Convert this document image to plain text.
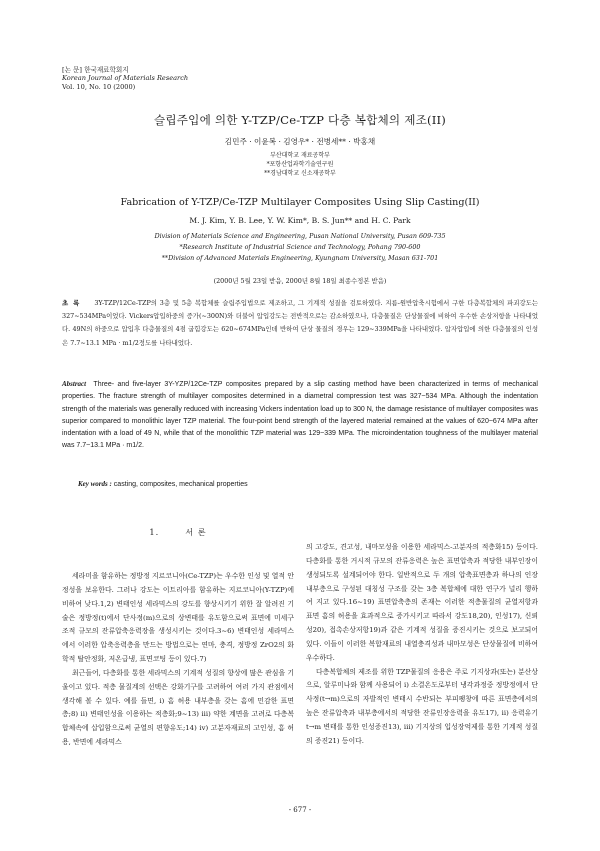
[논 문] 한국재료학회지
Korean Journal of Materials Research
Vol. 10, No. 10 (2000)
슬립주입에 의한 Y-TZP/Ce-TZP 다층 복합체의 제조(II)
김민주 · 이윤복 · 김영우* · 전병세** · 박홍채
부산대학교 재료공학부
*포항산업과학기술연구원
**경남대학교 신소재공학부
Fabrication of Y-TZP/Ce-TZP Multilayer Composites Using Slip Casting(II)
M. J. Kim, Y. B. Lee, Y. W. Kim*, B. S. Jun** and H. C. Park
Division of Materials Science and Engineering, Pusan National University, Pusan 609-735
*Research Institute of Industrial Science and Technology, Pohang 790-600
**Division of Advanced Materials Engineering, Kyungnam University, Masan 631-701
(2000년 5월 23일 받음, 2000년 8월 18일 최종수정본 받음)
초록 3Y-TZP/12Ce-TZP의 3층 및 5층 복합체를 슬립주입법으로 제조하고, 그 기계적 성질을 검토하였다. 지름-원반압축시험에서 구한 다층복합체의 파괴강도는 327~534MPa이었다. Vickers압입하중의 증가(~300N)와 더불어 압입강도는 전반적으로는 감소하였으나, 다층물질은 단상물질에 비하여 우수한 손상저항을 나타내었다. 49N의 하중으로 압입후 다층물질의 4점 굽힘강도는 620~674MPa인데 반하여 단상 물질의 경우는 129~339MPa을 나타내었다. 압자압입에 의한 다층물질의 인성은 7.7~13.1 MPa · m1/2정도를 나타내었다.
Abstract Three- and five-layer 3Y-YZP/12Ce-TZP composites prepared by a slip casting method have been characterized in terms of mechanical properties. The fracture strength of multilayer composites determined in a diametral compression test was 327~534 MPa. Although the indentation strength of the materials was generally reduced with increasing Vickers indentation load up to 300 N, the damage resistance of multilayer composites was superior compared to monolithic layer TZP material. The four-point bend strength of the layered material remained at the values of 620~674 MPa after indentation with a load of 49 N, while that of the monolithic TZP material was 129~339 MPa. The microindentation toughness of the multilayer material was 7.7~13.1 MPa · m1/2.
Key words : casting, composites, mechanical properties
1.	서 론

세라미을 함유하는 정방정 지르코니아(Ce-TZP)는 우수한 인성 및 열적 안정성을 보유한다. 그러나 강도는 이트리아를 함유하는 지르코니아(Y-TZP)에 비하여 낮다.1,2) 변태인성 세라믹스의 강도를 향상시키기 위한 잘 알려진 기술은 정방정(t)에서 단사정(m)으로의 상변태를 유도함으로써 표면에 미세구조적 규모의 잔류압축응력장을 생성시키는 것이다.3~6) 변태인성 세라믹스에서 이러한 압축응력층을 만드는 방법으로는 연마, 충격, 정방정 ZrO2의 화학적 탈안정화, 저온급냉, 표면코팅 등이 있다.7)

최근들어, 다층화를 통한 세라믹스의 기계적 성질의 향상에 많은 관심을 기울이고 있다. 적층 물질계의 선택은 강화기구를 고려하여 여러 가지 관점에서 생각해 볼 수 있다. 예를 들면, i) 흠 허용 내부층을 갖는 흠에 민감한 표면층;8) ii) 변태인성을 이용하는 적층화;9~13) iii) 약한 계면을 고려로 다층복합체속에 삽입함으로써 균열의 편향유도;14) iv) 고분자재료의 고인성, 흠 허용, 반면에 세라믹스

의 고강도, 견고성, 내마모성을 이용한 세라믹스-고분자의 적층화15) 등이다. 다층화를 통한 거시적 규모의 잔류응력은 높은 표면압축과 적당한 내부인장이 생성되도록 설계되어야 한다. 일반적으로 두 개의 압축표면층과 하나의 인장내부층으로 구성된 대칭성 구조를 갖는 3층 복합체에 대한 연구가 널리 행하여 지고 있다.16~19) 표면압축층의 존재는 이러한 적층물질의 균열저항과 표면 흠의 허용을 효과적으로 증가시키고 따라서 강도18,20), 인성17), 신뢰성20), 접촉손상저항19)과 같은 기계적 성질을 증진시키는 것으로 보고되어 있다. 이들이 이러한 복합재료의 내열충격성과 내마모성은 단상물질에 비하여 우수하다.

다층복합체의 제조를 위한 TZP물질의 응용은 주로 기지상과(또는) 분산상으로, 알루미나와 함께 사용되어 i) 소결온도로부터 냉각과정중 정방정에서 단사정(t→m)으로의 자발적인 변태시 수반되는 부피팽창에 따른 표면층에서의 높은 잔류압축과 내부층에서의 적당한 잔류인장응력을 유도17), ii) 응력유기 t→m 변태를 통한 인성증진13), iii) 기지상의 입성장억제를 통한 기계적 성질의 증진21) 등이다.

- 677 -
